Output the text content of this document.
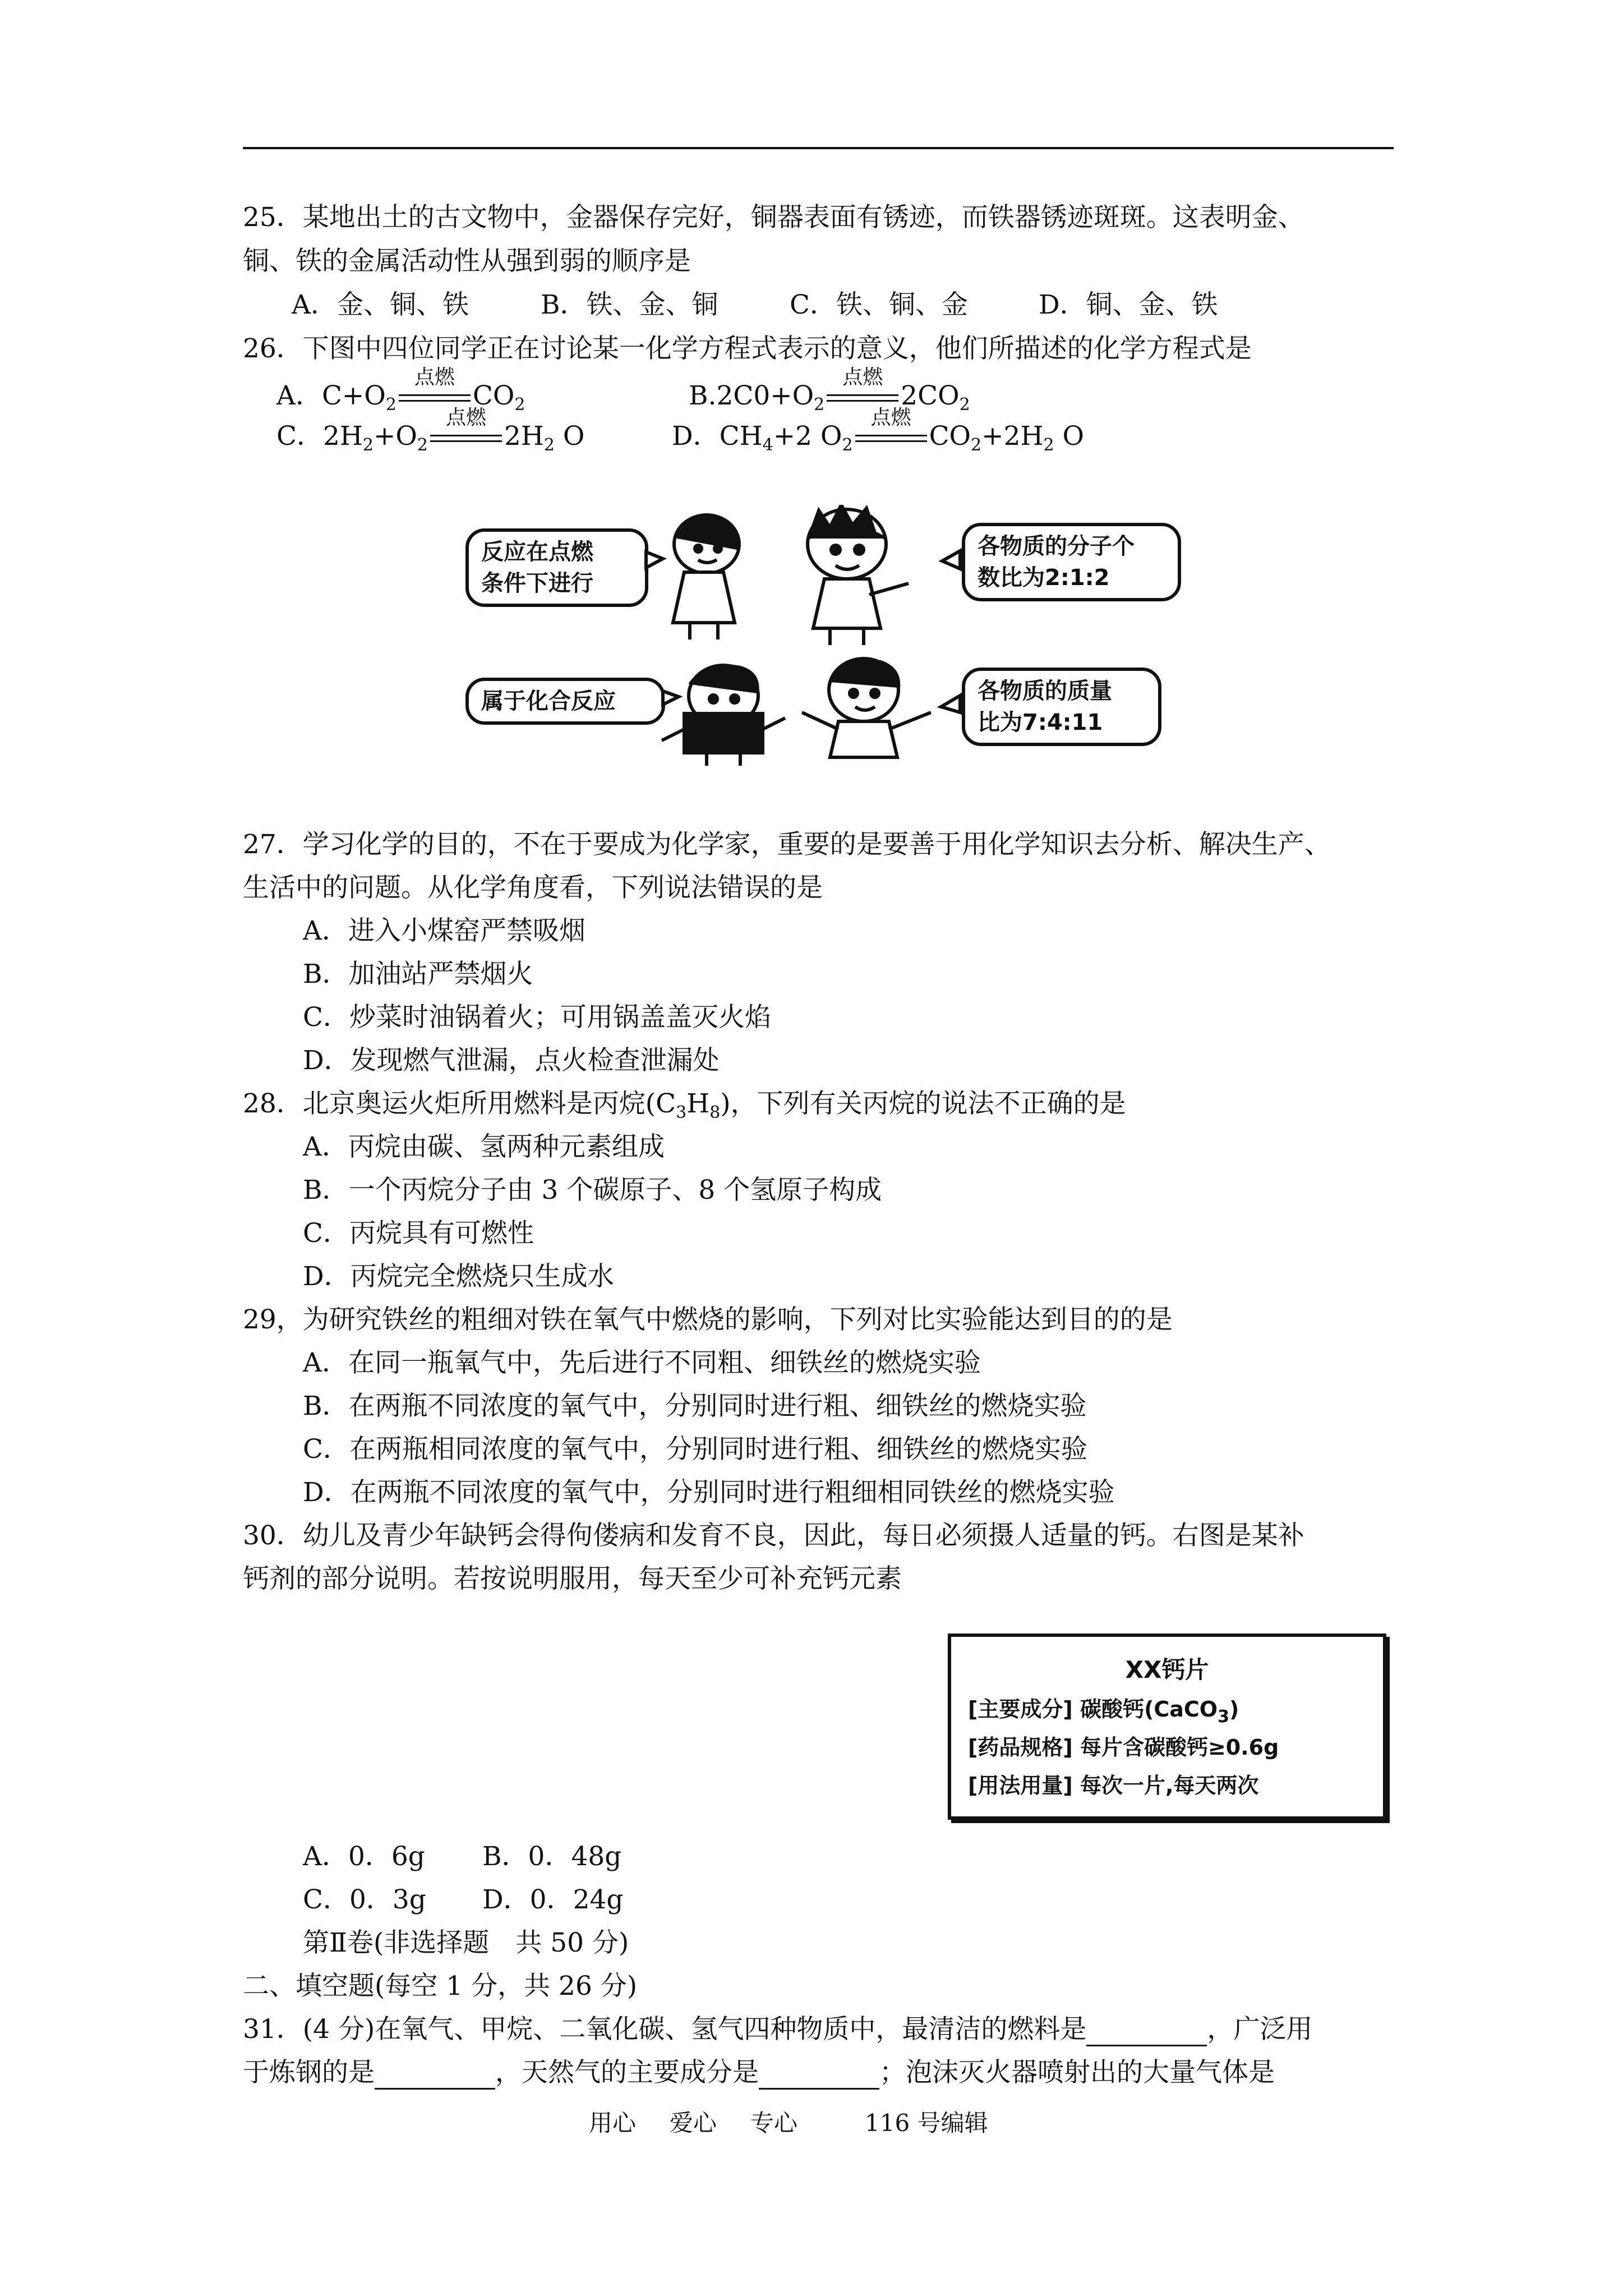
25．某地出土的古文物中，金器保存完好，铜器表面有锈迹，而铁器锈迹斑斑。这表明金、
铜、铁的金属活动性从强到弱的顺序是
A．金、铜、铁	B．铁、金、铜	C．铁、铜、金	D．铜、金、铁
26．下图中四位同学正在讨论某一化学方程式表示的意义，他们所描述的化学方程式是
A．$C+O_2$
点燃
$CO_2$	$B.2C0+O_2$
点燃
$2CO_2$
C．$2H_2+O_2$
点燃
$2H_2$ O	D．$CH_4+2$ $O_2$
点燃
$CO_2+2H_2$ O
反应在点燃
条件下进行
各物质的分子个
数比为2:1:2
属于化合反应	各物质的质量
比为7:4:11
27．学习化学的目的，不在于要成为化学家，重要的是要善于用化学知识去分析、解决生产、
生活中的问题。从化学角度看，下列说法错误的是
A．进入小煤窑严禁吸烟
B．加油站严禁烟火
C．炒菜时油锅着火；可用锅盖盖灭火焰
D．发现燃气泄漏，点火检查泄漏处
28．北京奥运火炬所用燃料是丙烷$(C_3H_8)$，下列有关丙烷的说法不正确的是
A．丙烷由碳、氢两种元素组成
B．一个丙烷分子由 3 个碳原子、8 个氢原子构成
C．丙烷具有可燃性
D．丙烷完全燃烧只生成水
29，为研究铁丝的粗细对铁在氧气中燃烧的影响，下列对比实验能达到目的的是
A．在同一瓶氧气中，先后进行不同粗、细铁丝的燃烧实验
B．在两瓶不同浓度的氧气中，分别同时进行粗、细铁丝的燃烧实验
C．在两瓶相同浓度的氧气中，分别同时进行粗、细铁丝的燃烧实验
D．在两瓶不同浓度的氧气中，分别同时进行粗细相同铁丝的燃烧实验
30．幼儿及青少年缺钙会得佝偻病和发育不良，因此，每日必须摄人适量的钙。右图是某补
钙剂的部分说明。若按说明服用，每天至少可补充钙元素
XX钙片
[主要成分] 碳酸钙(CaCO$_3$)
[药品规格] 每片含碳酸钙≥0.6g
[用法用量] 每次一片,每天两次
A．0．6g B．0．48g
C．0．3g D．0．24g
第Ⅱ卷(非选择题　共 50 分)
二、填空题(每空 1 分，共 26 分)
31．(4 分)在氧气、甲烷、二氧化碳、氢气四种物质中，最清洁的燃料是	，广泛用
于炼钢的是	，天然气的主要成分是	；泡沫灭火器喷射出的大量气体是
用心 爱心 专心	116 号编辑
